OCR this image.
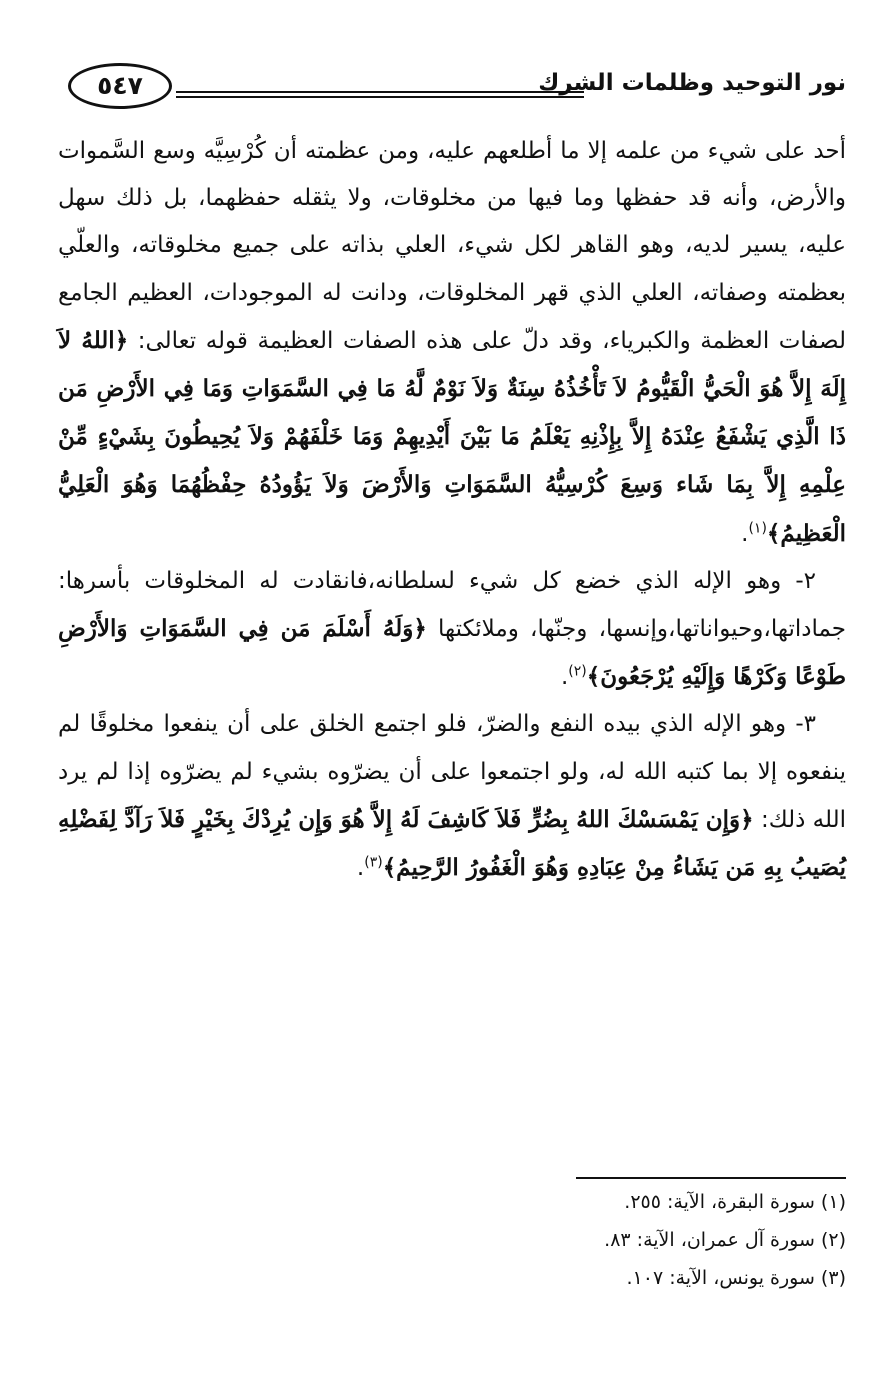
٥٤٧	نور التوحيد وظلمات الشرك

أحد على شيء من علمه إلا ما أطلعهم عليه، ومن عظمته أن كُرْسِيَّه وسع السَّموات والأرض، وأنه قد حفظها وما فيها من مخلوقات، ولا يثقله حفظهما، بل ذلك سهل عليه، يسير لديه، وهو القاهر لكل شيء، العلي بذاته على جميع مخلوقاته، والعلّي بعظمته وصفاته، العلي الذي قهر المخلوقات، ودانت له الموجودات، العظيم الجامع لصفات العظمة والكبرياء، وقد دلّ على هذه الصفات العظيمة قوله تعالى: ﴿اللهُ لاَ إِلَهَ إِلاَّ هُوَ الْحَيُّ الْقَيُّومُ لاَ تَأْخُذُهُ سِنَةٌ وَلاَ نَوْمٌ لَّهُ مَا فِي السَّمَوَاتِ وَمَا فِي الأَرْضِ مَن ذَا الَّذِي يَشْفَعُ عِنْدَهُ إِلاَّ بِإِذْنِهِ يَعْلَمُ مَا بَيْنَ أَيْدِيهِمْ وَمَا خَلْفَهُمْ وَلاَ يُحِيطُونَ بِشَيْءٍ مِّنْ عِلْمِهِ إِلاَّ بِمَا شَاء وَسِعَ كُرْسِيُّهُ السَّمَوَاتِ وَالأَرْضَ وَلاَ يَؤُودُهُ حِفْظُهُمَا وَهُوَ الْعَلِيُّ الْعَظِيمُ﴾$^{(١)}$.

٢- وهو الإله الذي خضع كل شيء لسلطانه،فانقادت له المخلوقات بأسرها: جماداتها،وحيواناتها،وإنسها، وجنّها، وملائكتها ﴿وَلَهُ أَسْلَمَ مَن فِي السَّمَوَاتِ وَالأَرْضِ طَوْعًا وَكَرْهًا وَإِلَيْهِ يُرْجَعُونَ﴾$^{(٢)}$.

٣- وهو الإله الذي بيده النفع والضرّ، فلو اجتمع الخلق على أن ينفعوا مخلوقًا لم ينفعوه إلا بما كتبه الله له، ولو اجتمعوا على أن يضرّوه بشيء لم يضرّوه إذا لم يرد الله ذلك: ﴿وَإِن يَمْسَسْكَ اللهُ بِضُرٍّ فَلاَ كَاشِفَ لَهُ إِلاَّ هُوَ وَإِن يُرِدْكَ بِخَيْرٍ فَلاَ رَآدَّ لِفَضْلِهِ يُصَيبُ بِهِ مَن يَشَاءُ مِنْ عِبَادِهِ وَهُوَ الْغَفُورُ الرَّحِيمُ﴾$^{(٣)}$.

(١) سورة البقرة، الآية: ٢٥٥.
(٢) سورة آل عمران، الآية: ٨٣.
(٣) سورة يونس، الآية: ١٠٧.
